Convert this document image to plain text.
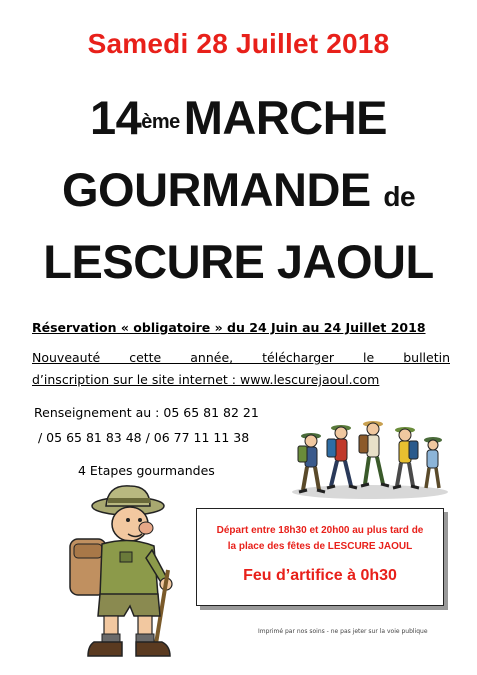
Samedi 28 Juillet 2018
14èmeMARCHE
GOURMANDE de
LESCURE JAOUL
Réservation « obligatoire » du 24 Juin au 24 Juillet 2018
Nouveauté cette année, télécharger le bulletin
d’inscription sur le site internet : www.lescurejaoul.com
Renseignement au : 05 65 81 82 21
/ 05 65 81 83 48 / 06 77 11 11 38
4 Etapes gourmandes
Départ entre 18h30 et 20h00 au plus tard de
la place des fêtes de LESCURE JAOUL
Feu d’artifice à 0h30
Imprimé par nos soins - ne pas jeter sur la voie publique
